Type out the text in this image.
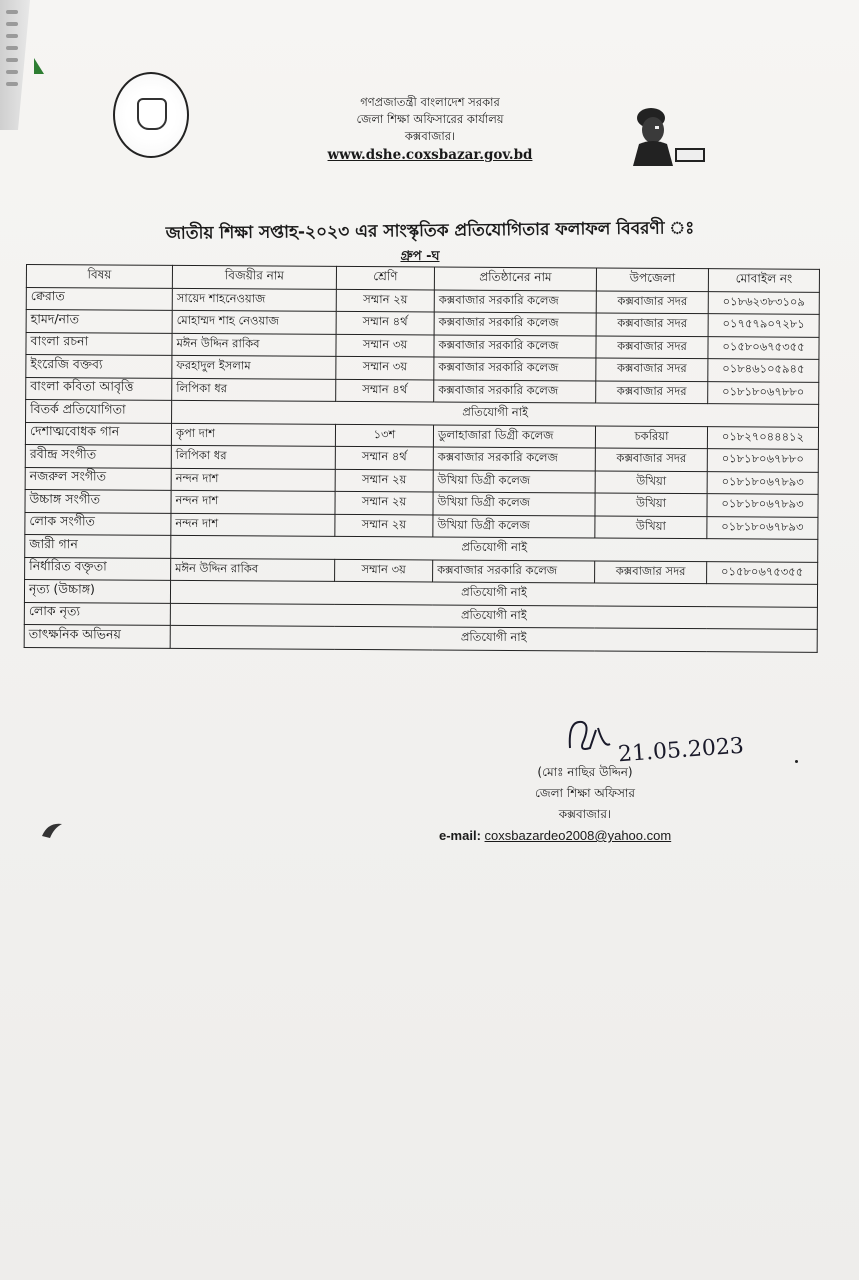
গণপ্রজাতন্ত্রী বাংলাদেশ সরকার
জেলা শিক্ষা অফিসারের কার্যালয়
কক্সবাজার।
www.dshe.coxsbazar.gov.bd
জাতীয় শিক্ষা সপ্তাহ-২০২৩ এর সাংস্কৃতিক প্রতিযোগিতার ফলাফল বিবরণী ঃ
গ্রুপ -ঘ
বিষয়	বিজয়ীর নাম	শ্রেণি	প্রতিষ্ঠানের নাম	উপজেলা	মোবাইল নং
ক্বেরাত	সায়েদ শাহনেওয়াজ	সম্মান ২য়	কক্সবাজার সরকারি কলেজ	কক্সবাজার সদর	০১৮৬২৩৮৩১০৯
হামদ/নাত	মোহাম্মদ শাহ নেওয়াজ	সম্মান ৪র্থ	কক্সবাজার সরকারি কলেজ	কক্সবাজার সদর	০১৭৫৭৯০৭২৮১
বাংলা রচনা	মঈন উদ্দিন রাকিব	সম্মান ৩য়	কক্সবাজার সরকারি কলেজ	কক্সবাজার সদর	০১৫৮০৬৭৫৩৫৫
ইংরেজি বক্তব্য	ফরহাদুল ইসলাম	সম্মান ৩য়	কক্সবাজার সরকারি কলেজ	কক্সবাজার সদর	০১৮৪৬১০৫৯৪৫
বাংলা কবিতা আবৃত্তি	লিপিকা ধর	সম্মান ৪র্থ	কক্সবাজার সরকারি কলেজ	কক্সবাজার সদর	০১৮১৮০৬৭৮৮০
বিতর্ক প্রতিযোগিতা	প্রতিযোগী নাই				
দেশাত্মবোধক গান	কৃপা দাশ	১৩শ	ডুলাহাজারা ডিগ্রী কলেজ	চকরিয়া	০১৮২৭০৪৪৪১২
রবীন্দ্র সংগীত	লিপিকা ধর	সম্মান ৪র্থ	কক্সবাজার সরকারি কলেজ	কক্সবাজার সদর	০১৮১৮০৬৭৮৮০
নজরুল সংগীত	নন্দন দাশ	সম্মান ২য়	উখিয়া ডিগ্রী কলেজ	উখিয়া	০১৮১৮০৬৭৮৯৩
উচ্চাঙ্গ সংগীত	নন্দন দাশ	সম্মান ২য়	উখিয়া ডিগ্রী কলেজ	উখিয়া	০১৮১৮০৬৭৮৯৩
লোক সংগীত	নন্দন দাশ	সম্মান ২য়	উখিয়া ডিগ্রী কলেজ	উখিয়া	০১৮১৮০৬৭৮৯৩
জারী গান	প্রতিযোগী নাই				
নির্ধারিত বক্তৃতা	মঈন উদ্দিন রাকিব	সম্মান ৩য়	কক্সবাজার সরকারি কলেজ	কক্সবাজার সদর	০১৫৮০৬৭৫৩৫৫
নৃত্য (উচ্চাঙ্গ)	প্রতিযোগী নাই				
লোক নৃত্য	প্রতিযোগী নাই				
তাৎক্ষনিক অভিনয়	প্রতিযোগী নাই				
21.05.2023
(মোঃ নাছির উদ্দিন)
জেলা শিক্ষা অফিসার
কক্সবাজার।
e-mail: coxsbazardeo2008@yahoo.com
